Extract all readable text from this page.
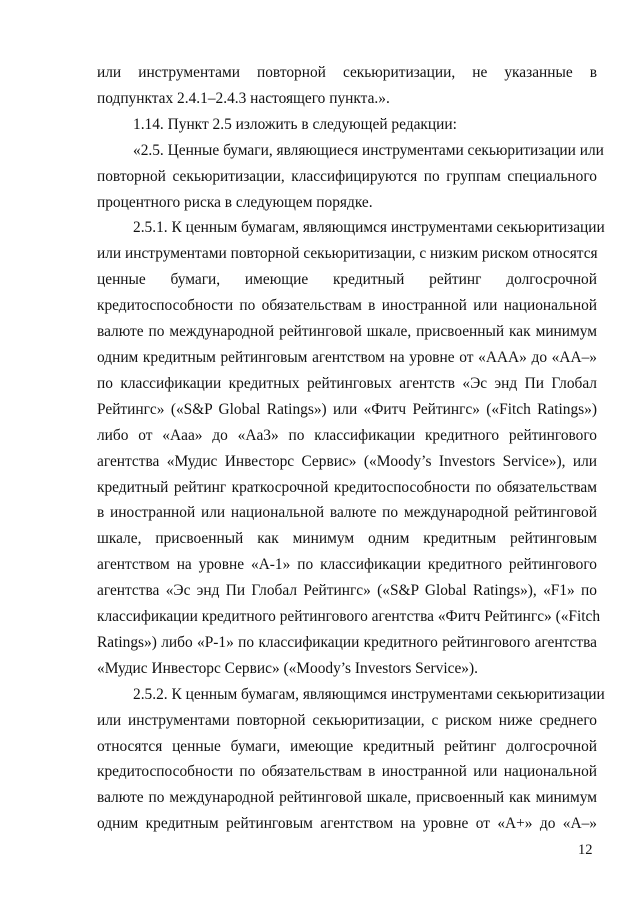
или инструментами повторной секьюритизации, не указанные в
подпунктах 2.4.1–2.4.3 настоящего пункта.».

1.14. Пункт 2.5 изложить в следующей редакции:

«2.5. Ценные бумаги, являющиеся инструментами секьюритизации или
повторной секьюритизации, классифицируются по группам специального
процентного риска в следующем порядке.

2.5.1. К ценным бумагам, являющимся инструментами секьюритизации
или инструментами повторной секьюритизации, с низким риском относятся
ценные бумаги, имеющие кредитный рейтинг долгосрочной
кредитоспособности по обязательствам в иностранной или национальной
валюте по международной рейтинговой шкале, присвоенный как минимум
одним кредитным рейтинговым агентством на уровне от «AAA» до «AA–»
по классификации кредитных рейтинговых агентств «Эс энд Пи Глобал
Рейтингс» («S&P Global Ratings») или «Фитч Рейтингс» («Fitch Ratings»)
либо от «Aaa» до «Aa3» по классификации кредитного рейтингового
агентства «Мудис Инвесторс Сервис» («Moody’s Investors Service»), или
кредитный рейтинг краткосрочной кредитоспособности по обязательствам
в иностранной или национальной валюте по международной рейтинговой
шкале, присвоенный как минимум одним кредитным рейтинговым
агентством на уровне «A-1» по классификации кредитного рейтингового
агентства «Эс энд Пи Глобал Рейтингс» («S&P Global Ratings»), «F1» по
классификации кредитного рейтингового агентства «Фитч Рейтингс» («Fitch
Ratings») либо «P-1» по классификации кредитного рейтингового агентства
«Мудис Инвесторс Сервис» («Moody’s Investors Service»).

2.5.2. К ценным бумагам, являющимся инструментами секьюритизации
или инструментами повторной секьюритизации, с риском ниже среднего
относятся ценные бумаги, имеющие кредитный рейтинг долгосрочной
кредитоспособности по обязательствам в иностранной или национальной
валюте по международной рейтинговой шкале, присвоенный как минимум
одним кредитным рейтинговым агентством на уровне от «A+» до «A–»

12
